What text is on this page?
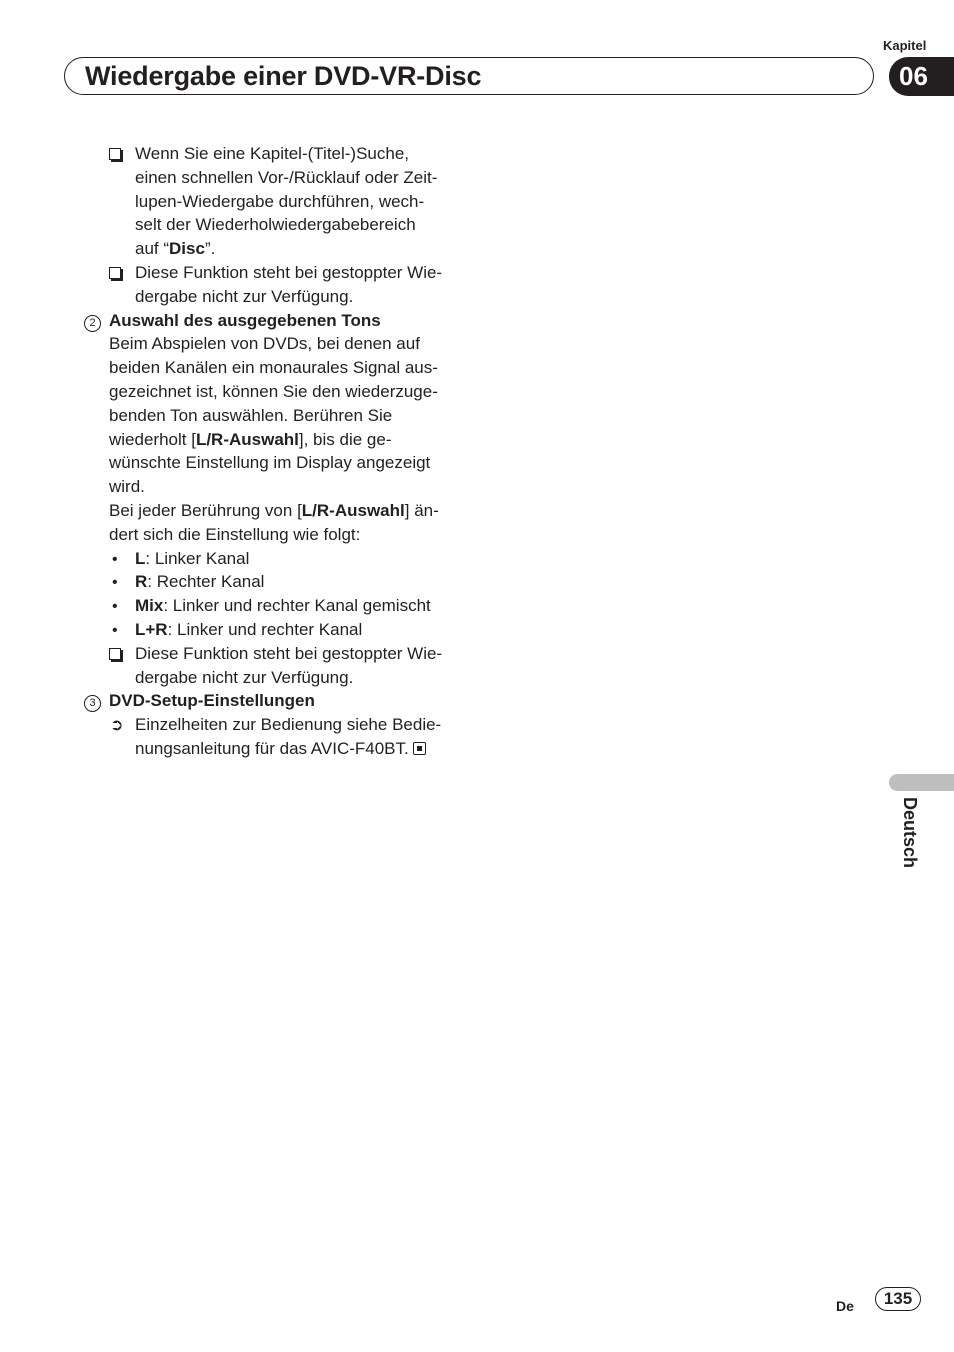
Kapitel
Wiedergabe einer DVD-VR-Disc	06
Wenn Sie eine Kapitel-(Titel-)Suche,
einen schnellen Vor-/Rücklauf oder Zeit-
lupen-Wiedergabe durchführen, wech-
selt der Wiederholwiedergabebereich
auf “Disc”.
Diese Funktion steht bei gestoppter Wie-
dergabe nicht zur Verfügung.
2 Auswahl des ausgegebenen Tons
Beim Abspielen von DVDs, bei denen auf
beiden Kanälen ein monaurales Signal aus-
gezeichnet ist, können Sie den wiederzuge-
benden Ton auswählen. Berühren Sie
wiederholt [L/R-Auswahl], bis die ge-
wünschte Einstellung im Display angezeigt
wird.
Bei jeder Berührung von [L/R-Auswahl] än-
dert sich die Einstellung wie folgt:
• L: Linker Kanal
• R: Rechter Kanal
• Mix: Linker und rechter Kanal gemischt
• L+R: Linker und rechter Kanal
Diese Funktion steht bei gestoppter Wie-
dergabe nicht zur Verfügung.
3 DVD-Setup-Einstellungen
➲ Einzelheiten zur Bedienung siehe Bedie-
nungsanleitung für das AVIC-F40BT.
Deutsch
De	135
